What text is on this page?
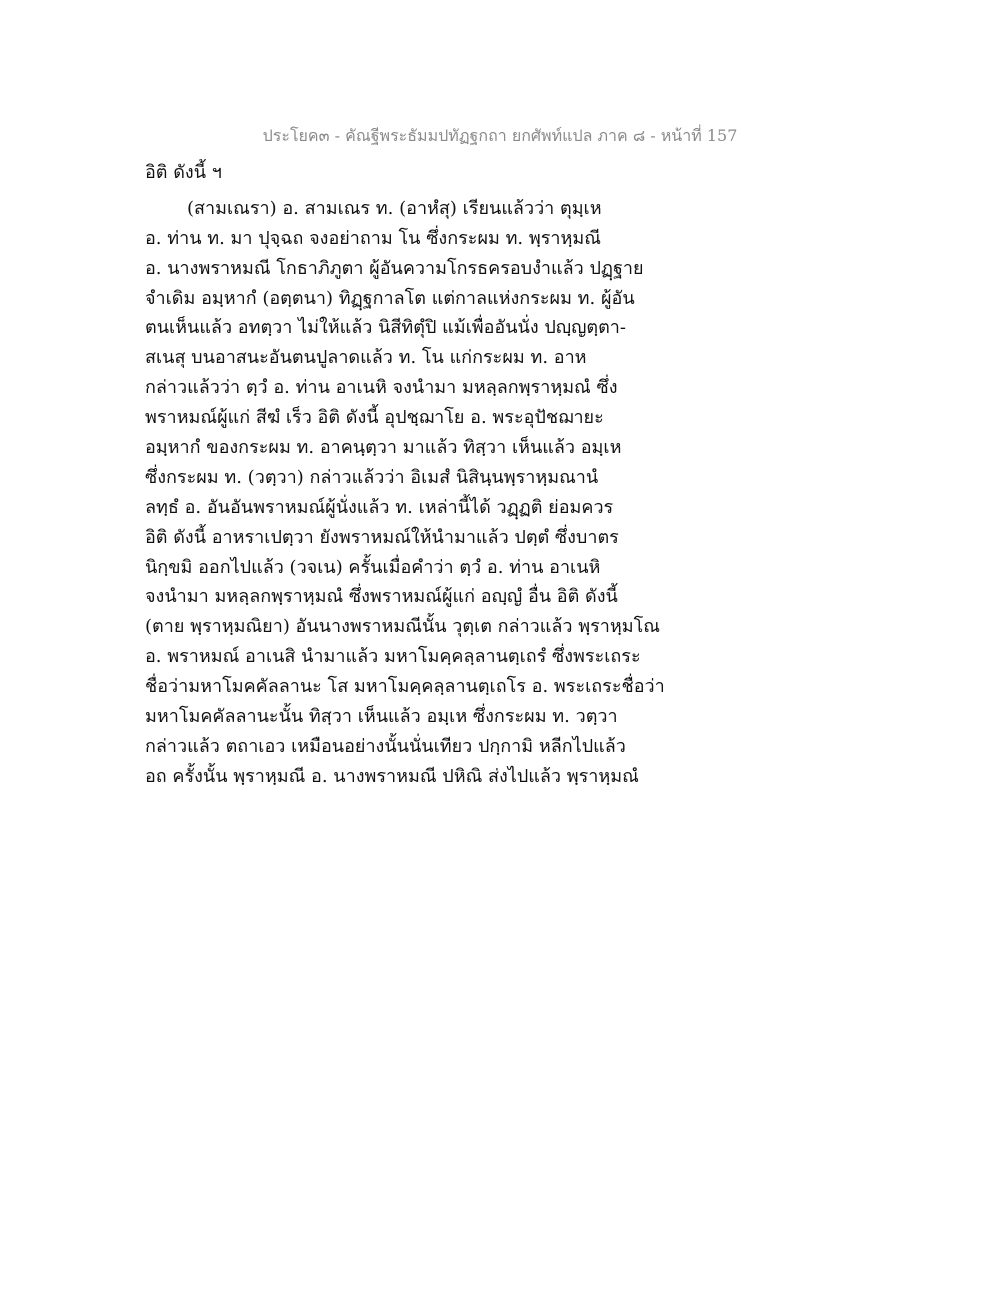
ประโยค๓ - คัณฐีพระธัมมปทัฏฐกถา ยกศัพท์แปล ภาค ๘ - หน้าที่ 157
อิติ ดังนี้ ฯ
(สามเณรา) อ. สามเณร ท. (อาหํสุ) เรียนแล้วว่า ตุมฺเห
อ. ท่าน ท. มา ปุจฺฉถ จงอย่าถาม โน ซึ่งกระผม ท. พฺราหฺมณี
อ. นางพราหมณี โกธาภิภูตา ผู้อันความโกรธครอบงำแล้ว ปฏฺฐาย
จำเดิม อมฺหากํ (อตฺตนา) ทิฏฺฐกาลโต แต่กาลแห่งกระผม ท. ผู้อัน
ตนเห็นแล้ว อทตฺวา ไม่ให้แล้ว นิสีทิตุํปิ แม้เพื่ออันนั่ง ปญฺญตฺตา-
สเนสุ บนอาสนะอันตนปูลาดแล้ว ท. โน แก่กระผม ท. อาห
กล่าวแล้วว่า ตฺวํ อ. ท่าน อาเนหิ จงนำมา มหลฺลกพฺราหฺมณํ ซึ่ง
พราหมณ์ผู้แก่ สีฆํ เร็ว อิติ ดังนี้ อุปชฺฌาโย อ. พระอุปัชฌายะ
อมฺหากํ ของกระผม ท. อาคนฺตฺวา มาแล้ว ทิสฺวา เห็นแล้ว อมฺเห
ซึ่งกระผม ท. (วตฺวา) กล่าวแล้วว่า อิเมสํ นิสินฺนพฺราหฺมณานํ
ลทฺธํ อ. อันอันพราหมณ์ผู้นั่งแล้ว ท. เหล่านี้ได้ วฏฺฏติ ย่อมควร
อิติ ดังนี้ อาหราเปตฺวา ยังพราหมณ์ให้นำมาแล้ว ปตฺตํ ซึ่งบาตร
นิกฺขมิ ออกไปแล้ว (วจเน) ครั้นเมื่อคำว่า ตฺวํ อ. ท่าน อาเนหิ
จงนำมา มหลฺลกพฺราหฺมณํ ซึ่งพราหมณ์ผู้แก่ อญฺญํ อื่น อิติ ดังนี้
(ตาย พฺราหฺมณิยา) อันนางพราหมณีนั้น วุตฺเต กล่าวแล้ว พฺราหฺมโณ
อ. พราหมณ์ อาเนสิ นำมาแล้ว มหาโมคฺคลฺลานตฺเถรํ ซึ่งพระเถระ
ชื่อว่ามหาโมคคัลลานะ โส มหาโมคฺคลฺลานตฺเถโร อ. พระเถระชื่อว่า
มหาโมคคัลลานะนั้น ทิสฺวา เห็นแล้ว อมฺเห ซึ่งกระผม ท. วตฺวา
กล่าวแล้ว ตถาเอว เหมือนอย่างนั้นนั่นเทียว ปกฺกามิ หลีกไปแล้ว
อถ ครั้งนั้น พฺราหฺมณี อ. นางพราหมณี ปหิณิ ส่งไปแล้ว พฺราหฺมณํ
